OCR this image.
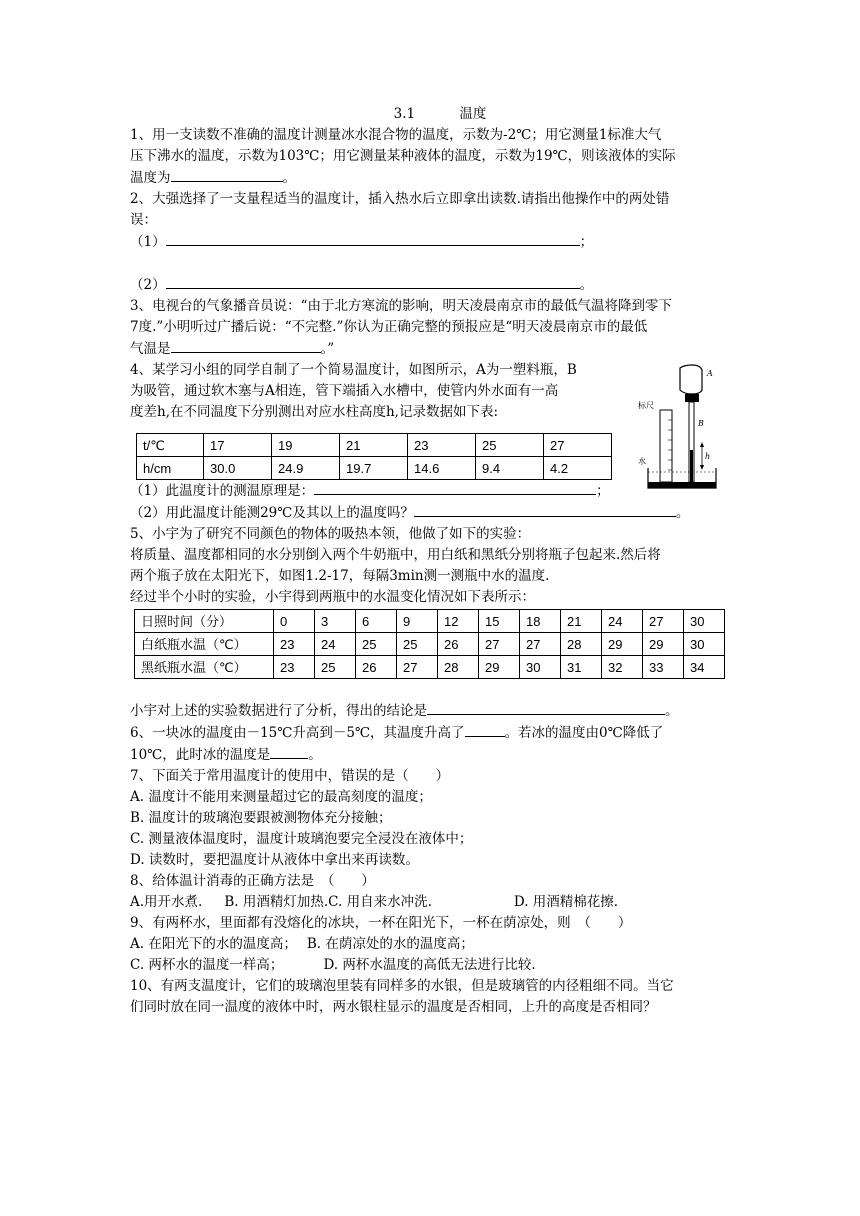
3.1	温度
1、用一支读数不准确的温度计测量冰水混合物的温度，示数为-2℃；用它测量1标准大气
压下沸水的温度，示数为103℃；用它测量某种液体的温度，示数为19℃，则该液体的实际
温度为	。
2、大强选择了一支量程适当的温度计，插入热水后立即拿出读数.请指出他操作中的两处错
误：
（1）	；
（2）	。
3、电视台的气象播音员说：“由于北方寒流的影响，明天凌晨南京市的最低气温将降到零下
7度.”小明听过广播后说：“不完整.”你认为正确完整的预报应是“明天凌晨南京市的最低
气温是	。”
4、某学习小组的同学自制了一个简易温度计，如图所示，A为一塑料瓶，B
为吸管，通过软木塞与A相连，管下端插入水槽中，使管内外水面有一高
度差h,在不同温度下分别测出对应水柱高度h,记录数据如下表:
t/℃	17	19	21	23	25	27
h/cm	30.0	24.9	19.7	14.6	9.4	4.2
（1）此温度计的测温原理是：	；
（2）用此温度计能测29℃及其以上的温度吗？	。
5、小宇为了研究不同颜色的物体的吸热本领，他做了如下的实验：
将质量、温度都相同的水分别倒入两个牛奶瓶中，用白纸和黑纸分别将瓶子包起来.然后将
两个瓶子放在太阳光下，如图1.2-17，每隔3min测一测瓶中水的温度.
经过半个小时的实验，小宇得到两瓶中的水温变化情况如下表所示：
日照时间（分）	0	3	6	9	12	15	18	21	24	27	30
白纸瓶水温（℃）	23	24	25	25	26	27	27	28	29	29	30
黑纸瓶水温（℃）	23	25	26	27	28	29	30	31	32	33	34
小宇对上述的实验数据进行了分析，得出的结论是	。
6、一块冰的温度由－15℃升高到－5℃，其温度升高了	。若冰的温度由0℃降低了
10℃，此时冰的温度是	。
7、下面关于常用温度计的使用中，错误的是（　　）
A. 温度计不能用来测量超过它的最高刻度的温度；
B. 温度计的玻璃泡要跟被测物体充分接触；
C. 测量液体温度时，温度计玻璃泡要完全浸没在液体中；
D. 读数时，要把温度计从液体中拿出来再读数。
8、给体温计消毒的正确方法是　（　　）
A.用开水煮. B. 用酒精灯加热.C. 用自来水冲洗.	D. 用酒精棉花擦.
9、有两杯水，里面都有没熔化的冰块，一杯在阳光下，一杯在荫凉处，则　（　　）
A. 在阳光下的水的温度高； B. 在荫凉处的水的温度高；
C. 两杯水的温度一样高；	D. 两杯水温度的高低无法进行比较.
10、有两支温度计，它们的玻璃泡里装有同样多的水银，但是玻璃管的内径粗细不同。当它
们同时放在同一温度的液体中时，两水银柱显示的温度是否相同，上升的高度是否相同？
A
标尺
B
h
水
